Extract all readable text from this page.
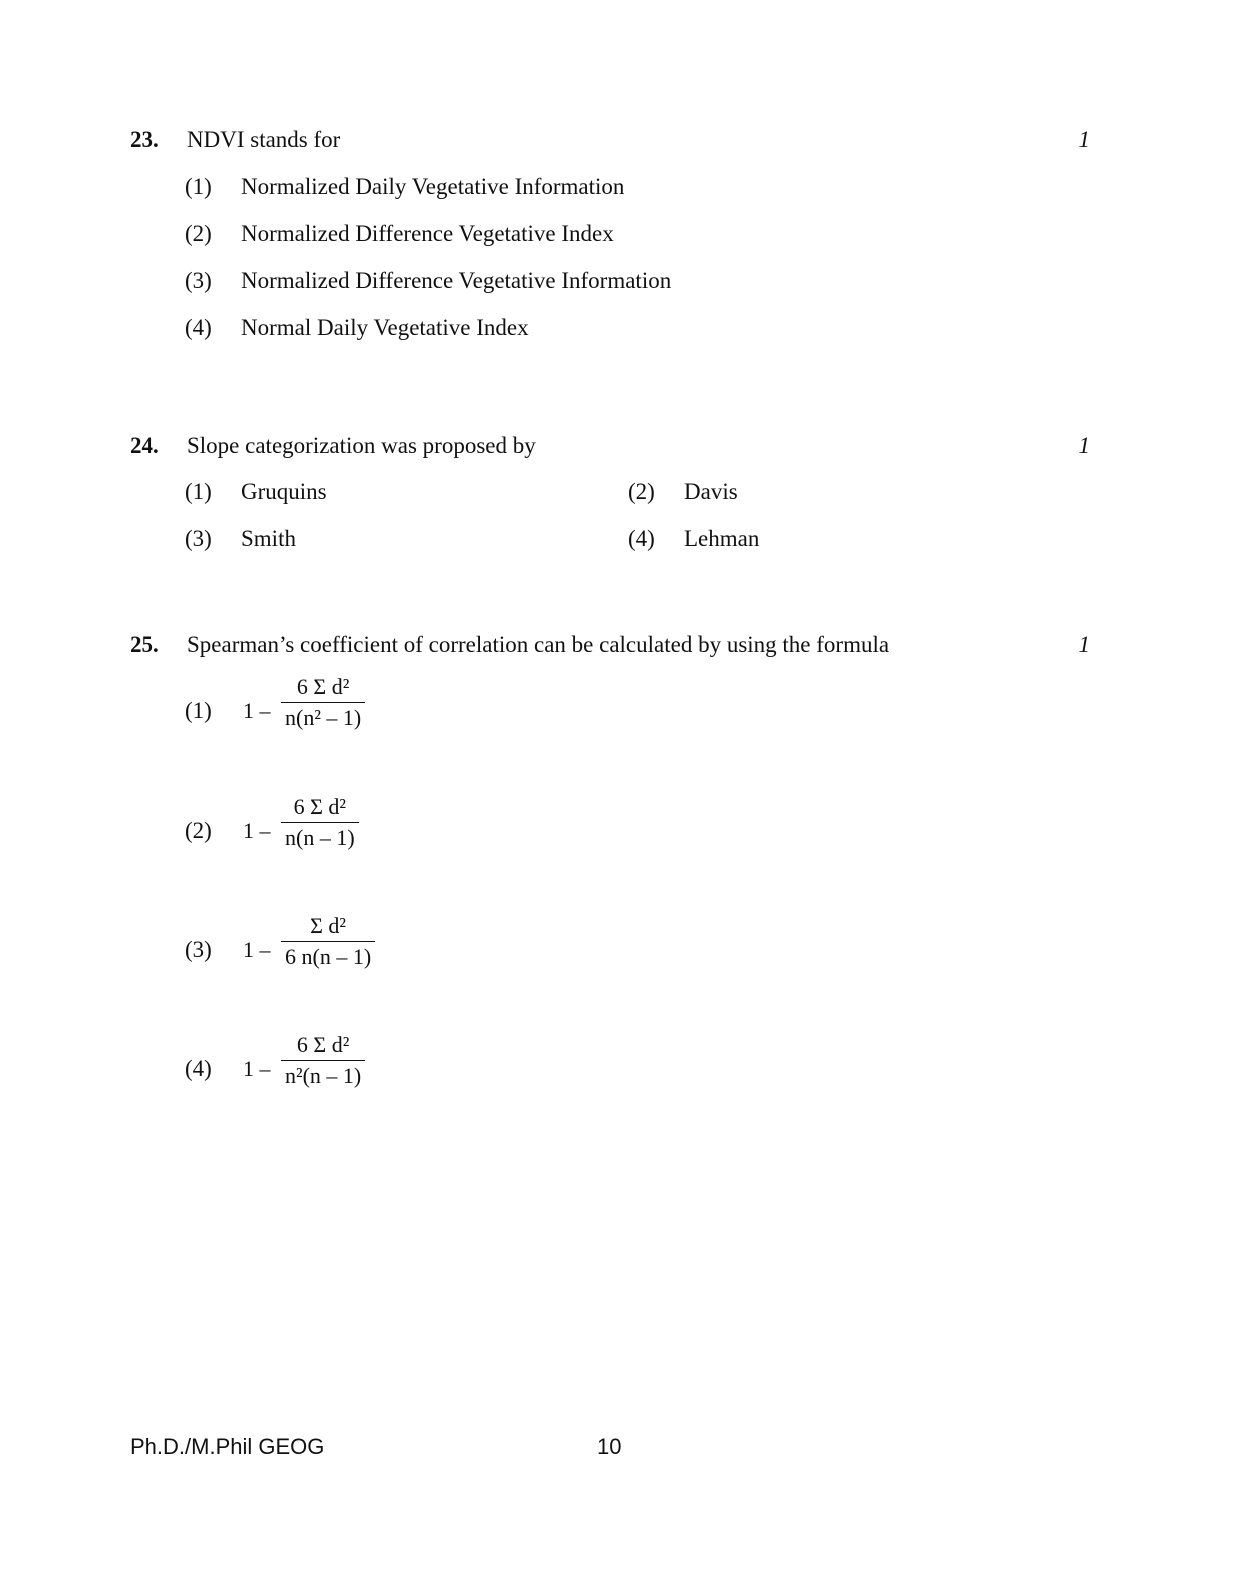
23. NDVI stands for	1
(1) Normalized Daily Vegetative Information
(2) Normalized Difference Vegetative Index
(3) Normalized Difference Vegetative Information
(4) Normal Daily Vegetative Index
24. Slope categorization was proposed by	1
(1) Gruquins	(2) Davis
(3) Smith	(4) Lehman
25. Spearman’s coefficient of correlation can be calculated by using the formula	1
(1) 1 –
6 Σ d²
n(n² – 1)
(2) 1 –
6 Σ d²
n(n – 1)
(3) 1 –
Σ d²
6 n(n – 1)
(4) 1 –
6 Σ d²
n²(n – 1)
Ph.D./M.Phil GEOG	10
